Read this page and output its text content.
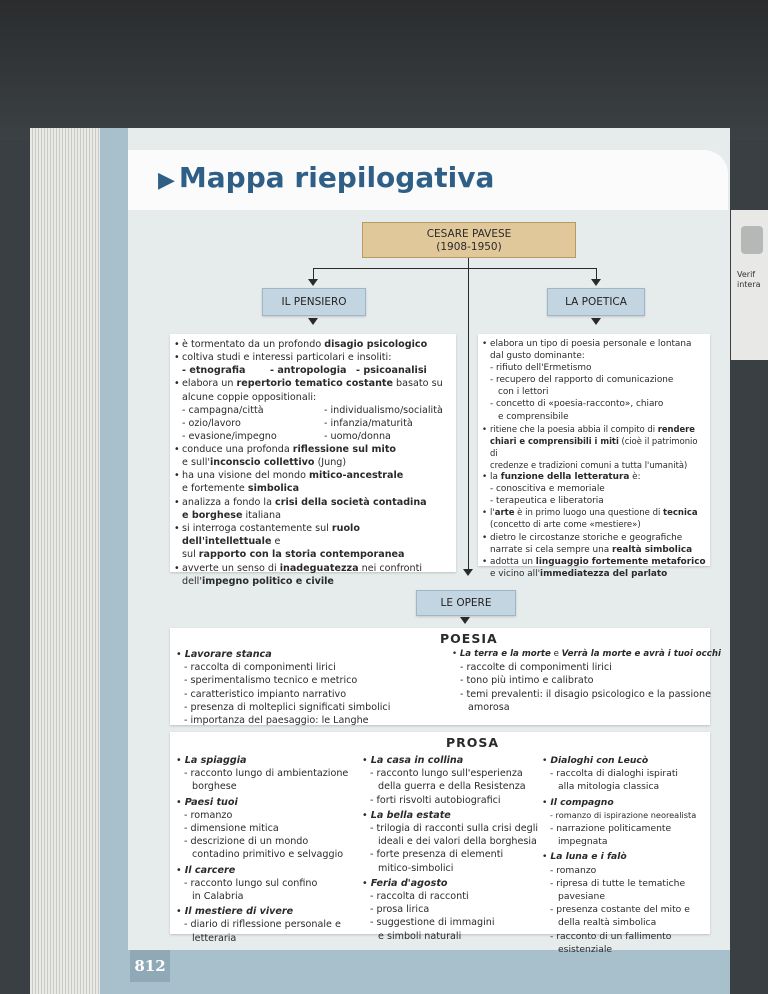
▶ Mappa riepilogativa
Verif
intera
CESARE PAVESE
(1908-1950)
IL PENSIERO	LA POETICA
• è tormentato da un profondo disagio psicologico
• coltiva studi e interessi particolari e insoliti:
- etnografia	- antropologia - psicoanalisi
• elabora un repertorio tematico costante basato su
alcune coppie oppositionali:
- campagna/città	- individualismo/socialità
- ozio/lavoro	- infanzia/maturità
- evasione/impegno	- uomo/donna
• conduce una profonda riflessione sul mito
e sull'inconscio collettivo (Jung)
• ha una visione del mondo mitico-ancestrale
e fortemente simbolica
• analizza a fondo la crisi della società contadina
e borghese italiana
• si interroga costantemente sul ruolo dell'intellettuale e
sul rapporto con la storia contemporanea
• avverte un senso di inadeguatezza nei confronti
dell'impegno politico e civile
• elabora un tipo di poesia personale e lontana
dal gusto dominante:
- rifiuto dell'Ermetismo
- recupero del rapporto di comunicazione
con i lettori
- concetto di «poesia-racconto», chiaro
e comprensibile
• ritiene che la poesia abbia il compito di rendere
chiari e comprensibili i miti (cioè il patrimonio di
credenze e tradizioni comuni a tutta l'umanità)
• la funzione della letteratura è:
- conoscitiva e memoriale
- terapeutica e liberatoria
• l'arte è in primo luogo una questione di tecnica
(concetto di arte come «mestiere»)
• dietro le circostanze storiche e geografiche
narrate si cela sempre una realtà simbolica
• adotta un linguaggio fortemente metaforico
e vicino all'immediatezza del parlato
LE OPERE
POESIA
• Lavorare stanca
- raccolta di componimenti lirici
- sperimentalismo tecnico e metrico
- caratteristico impianto narrativo
- presenza di molteplici significati simbolici
- importanza del paesaggio: le Langhe
• La terra e la morte e Verrà la morte e avrà i tuoi occhi
- raccolte di componimenti lirici
- tono più intimo e calibrato
- temi prevalenti: il disagio psicologico e la passione
amorosa
PROSA
• La spiaggia
- racconto lungo di ambientazione
borghese
• Paesi tuoi
- romanzo
- dimensione mitica
- descrizione di un mondo
contadino primitivo e selvaggio
• Il carcere
- racconto lungo sul confino
in Calabria
• Il mestiere di vivere
- diario di riflessione personale e
letteraria
• La casa in collina
- racconto lungo sull'esperienza
della guerra e della Resistenza
- forti risvolti autobiografici
• La bella estate
- trilogia di racconti sulla crisi degli
ideali e dei valori della borghesia
- forte presenza di elementi
mitico-simbolici
• Feria d'agosto
- raccolta di racconti
- prosa lirica
- suggestione di immagini
e simboli naturali
• Dialoghi con Leucò
- raccolta di dialoghi ispirati
alla mitologia classica
• Il compagno
- romanzo di ispirazione neorealista
- narrazione politicamente
impegnata
• La luna e i falò
- romanzo
- ripresa di tutte le tematiche
pavesiane
- presenza costante del mito e
della realtà simbolica
- racconto di un fallimento
esistenziale
812
